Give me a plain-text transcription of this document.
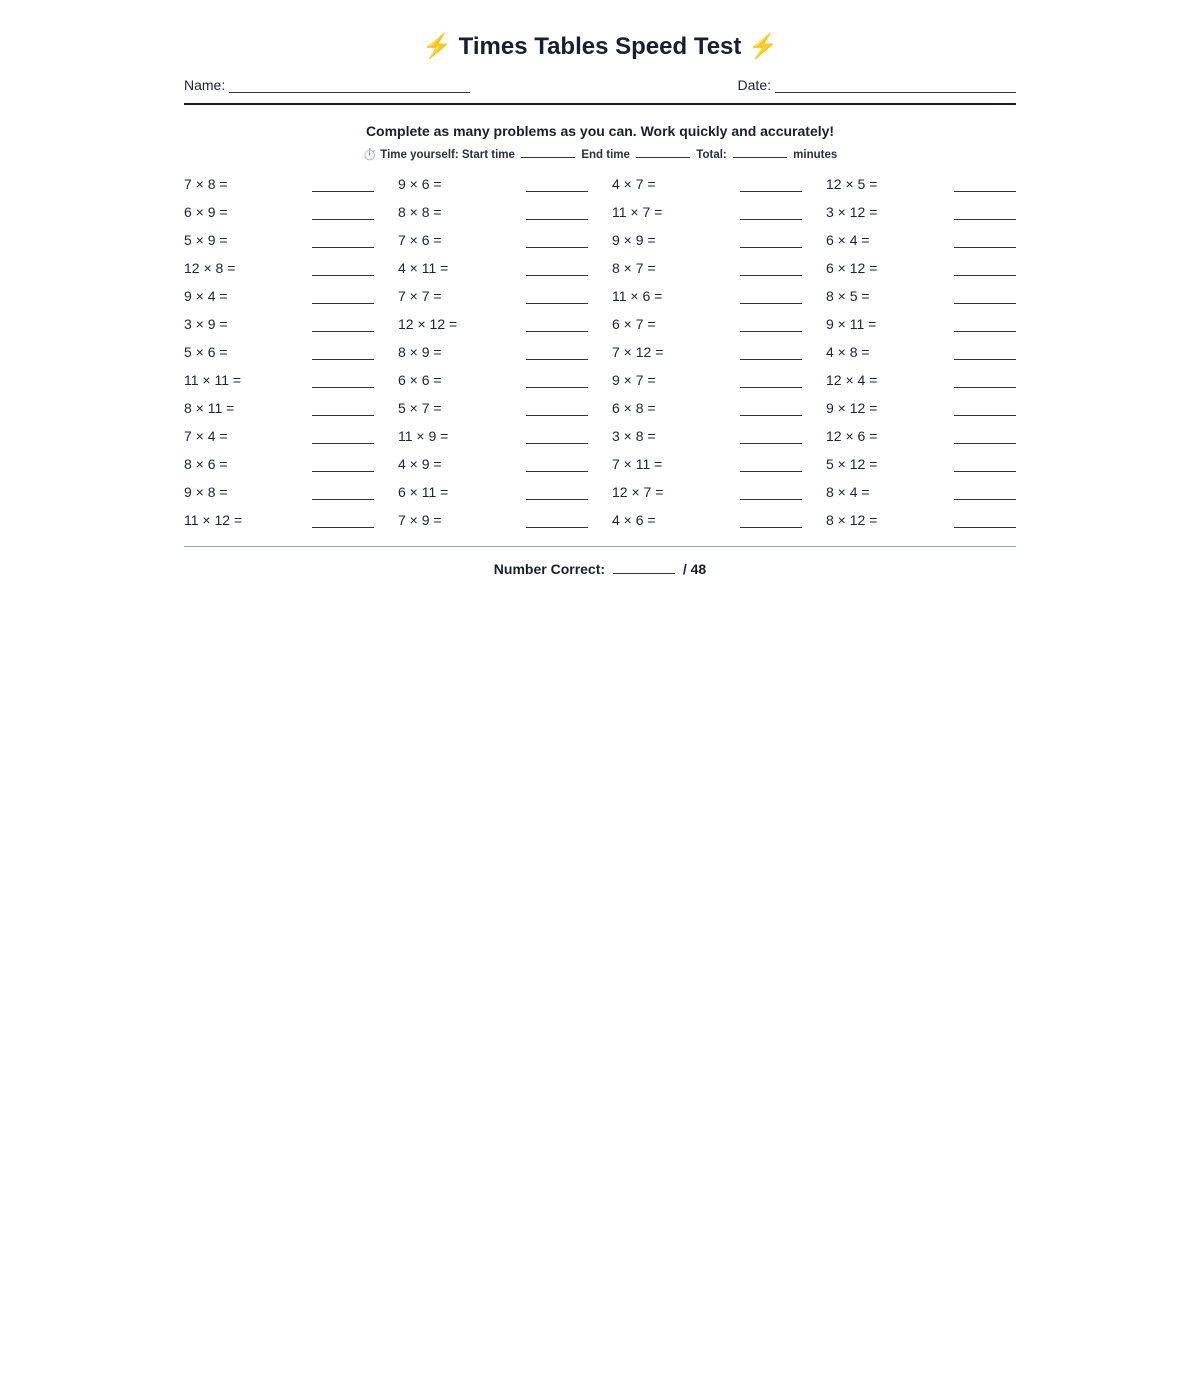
⚡ Times Tables Speed Test ⚡
Name:	Date:
Complete as many problems as you can. Work quickly and accurately!
⏱️ Time yourself: Start time	End time	Total:	minutes
7 × 8 =	9 × 6 =	4 × 7 =	12 × 5 =
6 × 9 =	8 × 8 =	11 × 7 =	3 × 12 =
5 × 9 =	7 × 6 =	9 × 9 =	6 × 4 =
12 × 8 =	4 × 11 =	8 × 7 =	6 × 12 =
9 × 4 =	7 × 7 =	11 × 6 =	8 × 5 =
3 × 9 =	12 × 12 =	6 × 7 =	9 × 11 =
5 × 6 =	8 × 9 =	7 × 12 =	4 × 8 =
11 × 11 =	6 × 6 =	9 × 7 =	12 × 4 =
8 × 11 =	5 × 7 =	6 × 8 =	9 × 12 =
7 × 4 =	11 × 9 =	3 × 8 =	12 × 6 =
8 × 6 =	4 × 9 =	7 × 11 =	5 × 12 =
9 × 8 =	6 × 11 =	12 × 7 =	8 × 4 =
11 × 12 =	7 × 9 =	4 × 6 =	8 × 12 =
Number Correct:	/ 48
